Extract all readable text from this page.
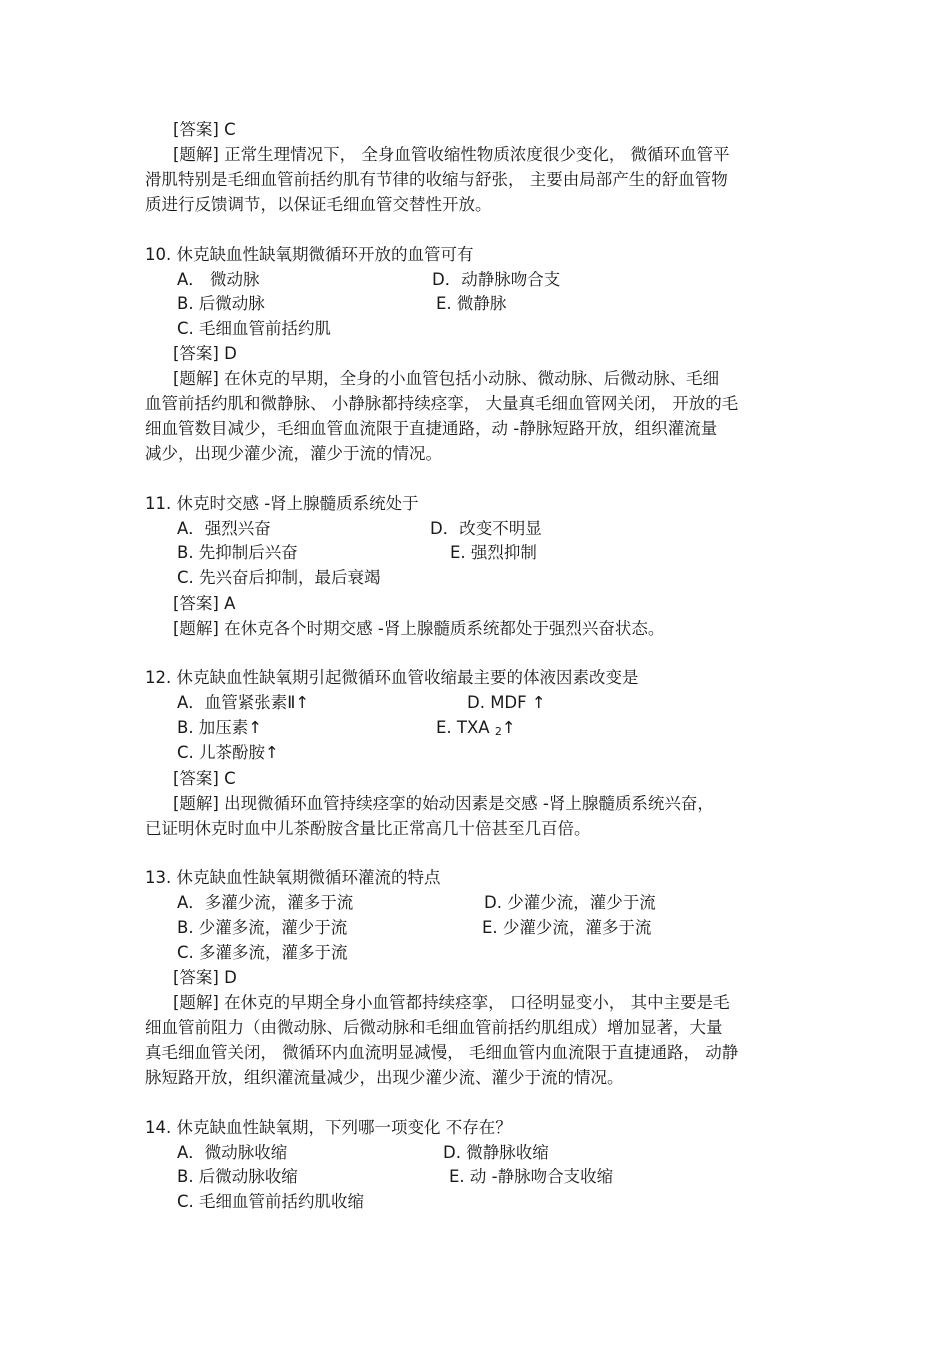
[答案] C
[题解] 正常生理情况下， 全身血管收缩性物质浓度很少变化， 微循环血管平
滑肌特别是毛细血管前括约肌有节律的收缩与舒张， 主要由局部产生的舒血管物
质进行反馈调节，以保证毛细血管交替性开放。
10. 休克缺血性缺氧期微循环开放的血管可有
A． 微动脉	D．动静脉吻合支
B. 后微动脉	E. 微静脉
C. 毛细血管前括约肌
[答案] D
[题解] 在休克的早期，全身的小血管包括小动脉、微动脉、后微动脉、毛细
血管前括约肌和微静脉、 小静脉都持续痉挛， 大量真毛细血管网关闭， 开放的毛
细血管数目减少，毛细血管血流限于直捷通路，动 -静脉短路开放，组织灌流量
减少，出现少灌少流，灌少于流的情况。
11. 休克时交感 -肾上腺髓质系统处于
A．强烈兴奋	D．改变不明显
B. 先抑制后兴奋	E. 强烈抑制
C. 先兴奋后抑制，最后衰竭
[答案] A
[题解] 在休克各个时期交感 -肾上腺髓质系统都处于强烈兴奋状态。
12. 休克缺血性缺氧期引起微循环血管收缩最主要的体液因素改变是
A．血管紧张素Ⅱ↑	D. MDF ↑
B. 加压素↑	E. TXA $_2$↑
C. 儿茶酚胺↑
[答案] C
[题解] 出现微循环血管持续痉挛的始动因素是交感 -肾上腺髓质系统兴奋，
已证明休克时血中儿茶酚胺含量比正常高几十倍甚至几百倍。
13. 休克缺血性缺氧期微循环灌流的特点
A．多灌少流，灌多于流	D. 少灌少流，灌少于流
B. 少灌多流，灌少于流	E. 少灌少流，灌多于流
C. 多灌多流，灌多于流
[答案] D
[题解] 在休克的早期全身小血管都持续痉挛， 口径明显变小， 其中主要是毛
细血管前阻力（由微动脉、后微动脉和毛细血管前括约肌组成）增加显著，大量
真毛细血管关闭， 微循环内血流明显减慢， 毛细血管内血流限于直捷通路， 动静
脉短路开放，组织灌流量减少，出现少灌少流、灌少于流的情况。
14. 休克缺血性缺氧期，下列哪一项变化 不存在？
A．微动脉收缩	D. 微静脉收缩
B. 后微动脉收缩	E. 动 -静脉吻合支收缩
C. 毛细血管前括约肌收缩
